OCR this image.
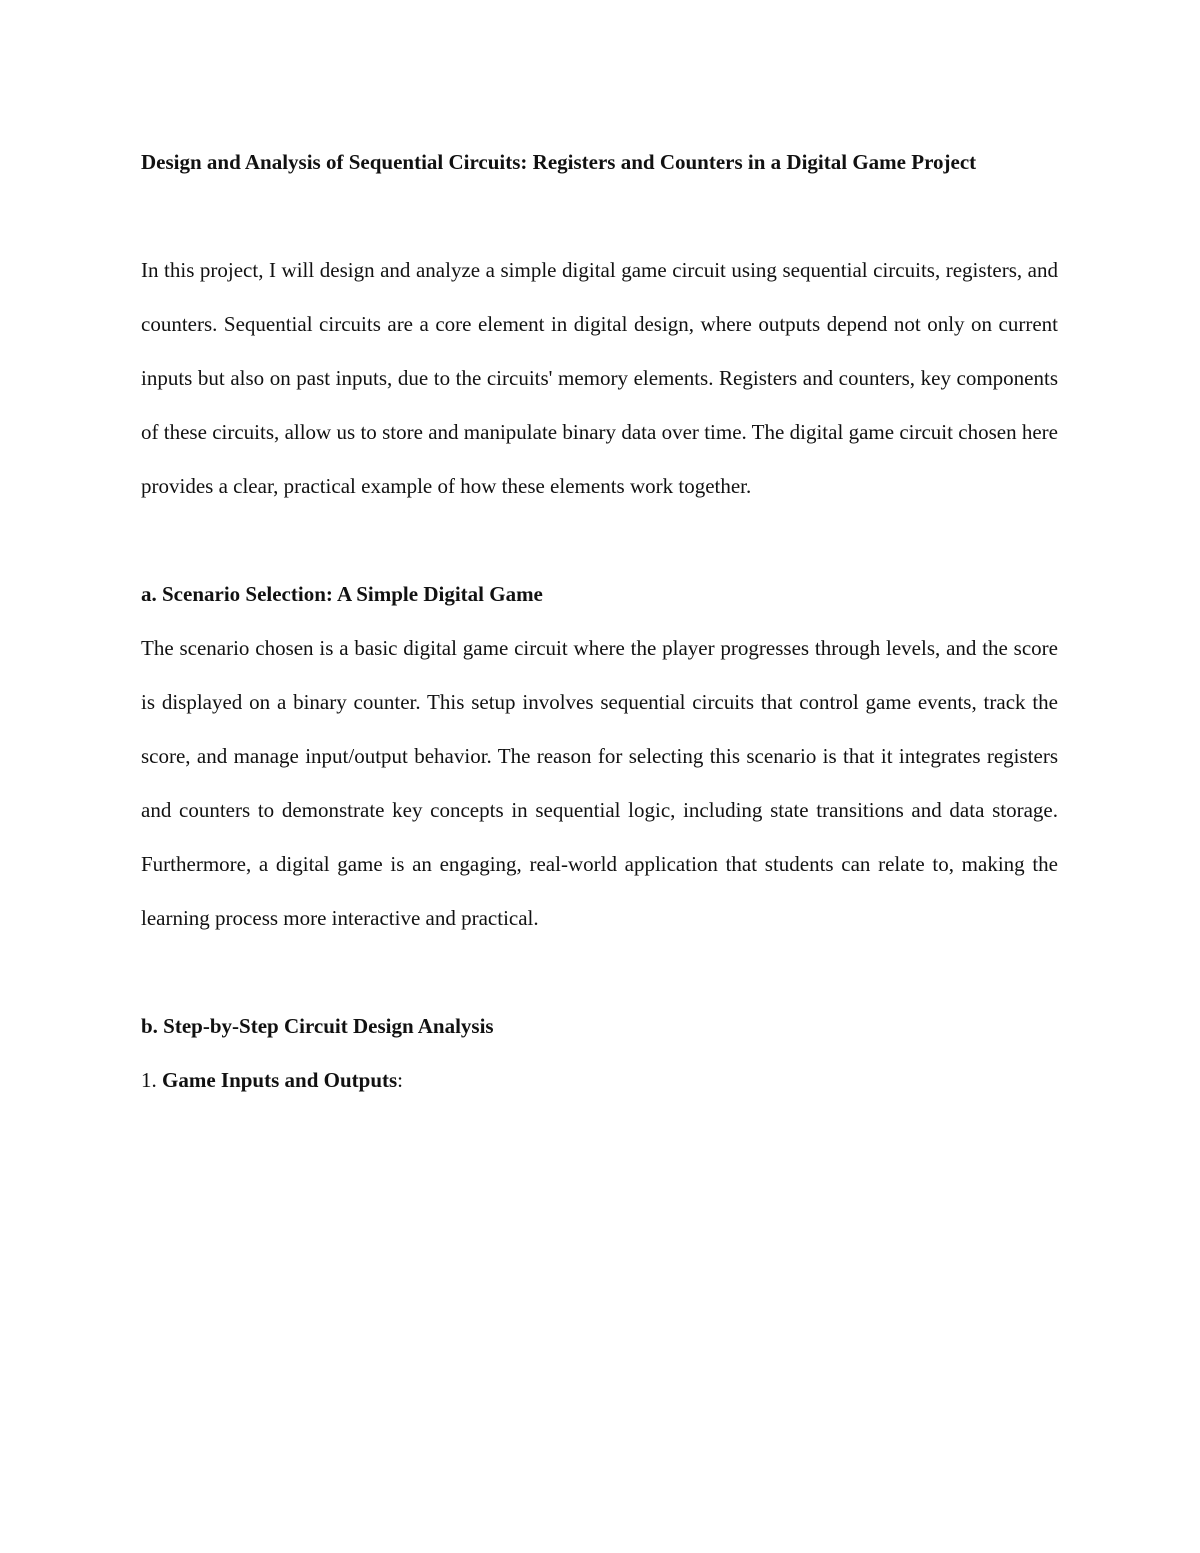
Design and Analysis of Sequential Circuits: Registers and Counters in a Digital Game Project

In this project, I will design and analyze a simple digital game circuit using sequential circuits, registers, and counters. Sequential circuits are a core element in digital design, where outputs depend not only on current inputs but also on past inputs, due to the circuits' memory elements. Registers and counters, key components of these circuits, allow us to store and manipulate binary data over time. The digital game circuit chosen here provides a clear, practical example of how these elements work together.

a. Scenario Selection: A Simple Digital Game

The scenario chosen is a basic digital game circuit where the player progresses through levels, and the score is displayed on a binary counter. This setup involves sequential circuits that control game events, track the score, and manage input/output behavior. The reason for selecting this scenario is that it integrates registers and counters to demonstrate key concepts in sequential logic, including state transitions and data storage. Furthermore, a digital game is an engaging, real-world application that students can relate to, making the learning process more interactive and practical.

b. Step-by-Step Circuit Design Analysis

1. Game Inputs and Outputs:
